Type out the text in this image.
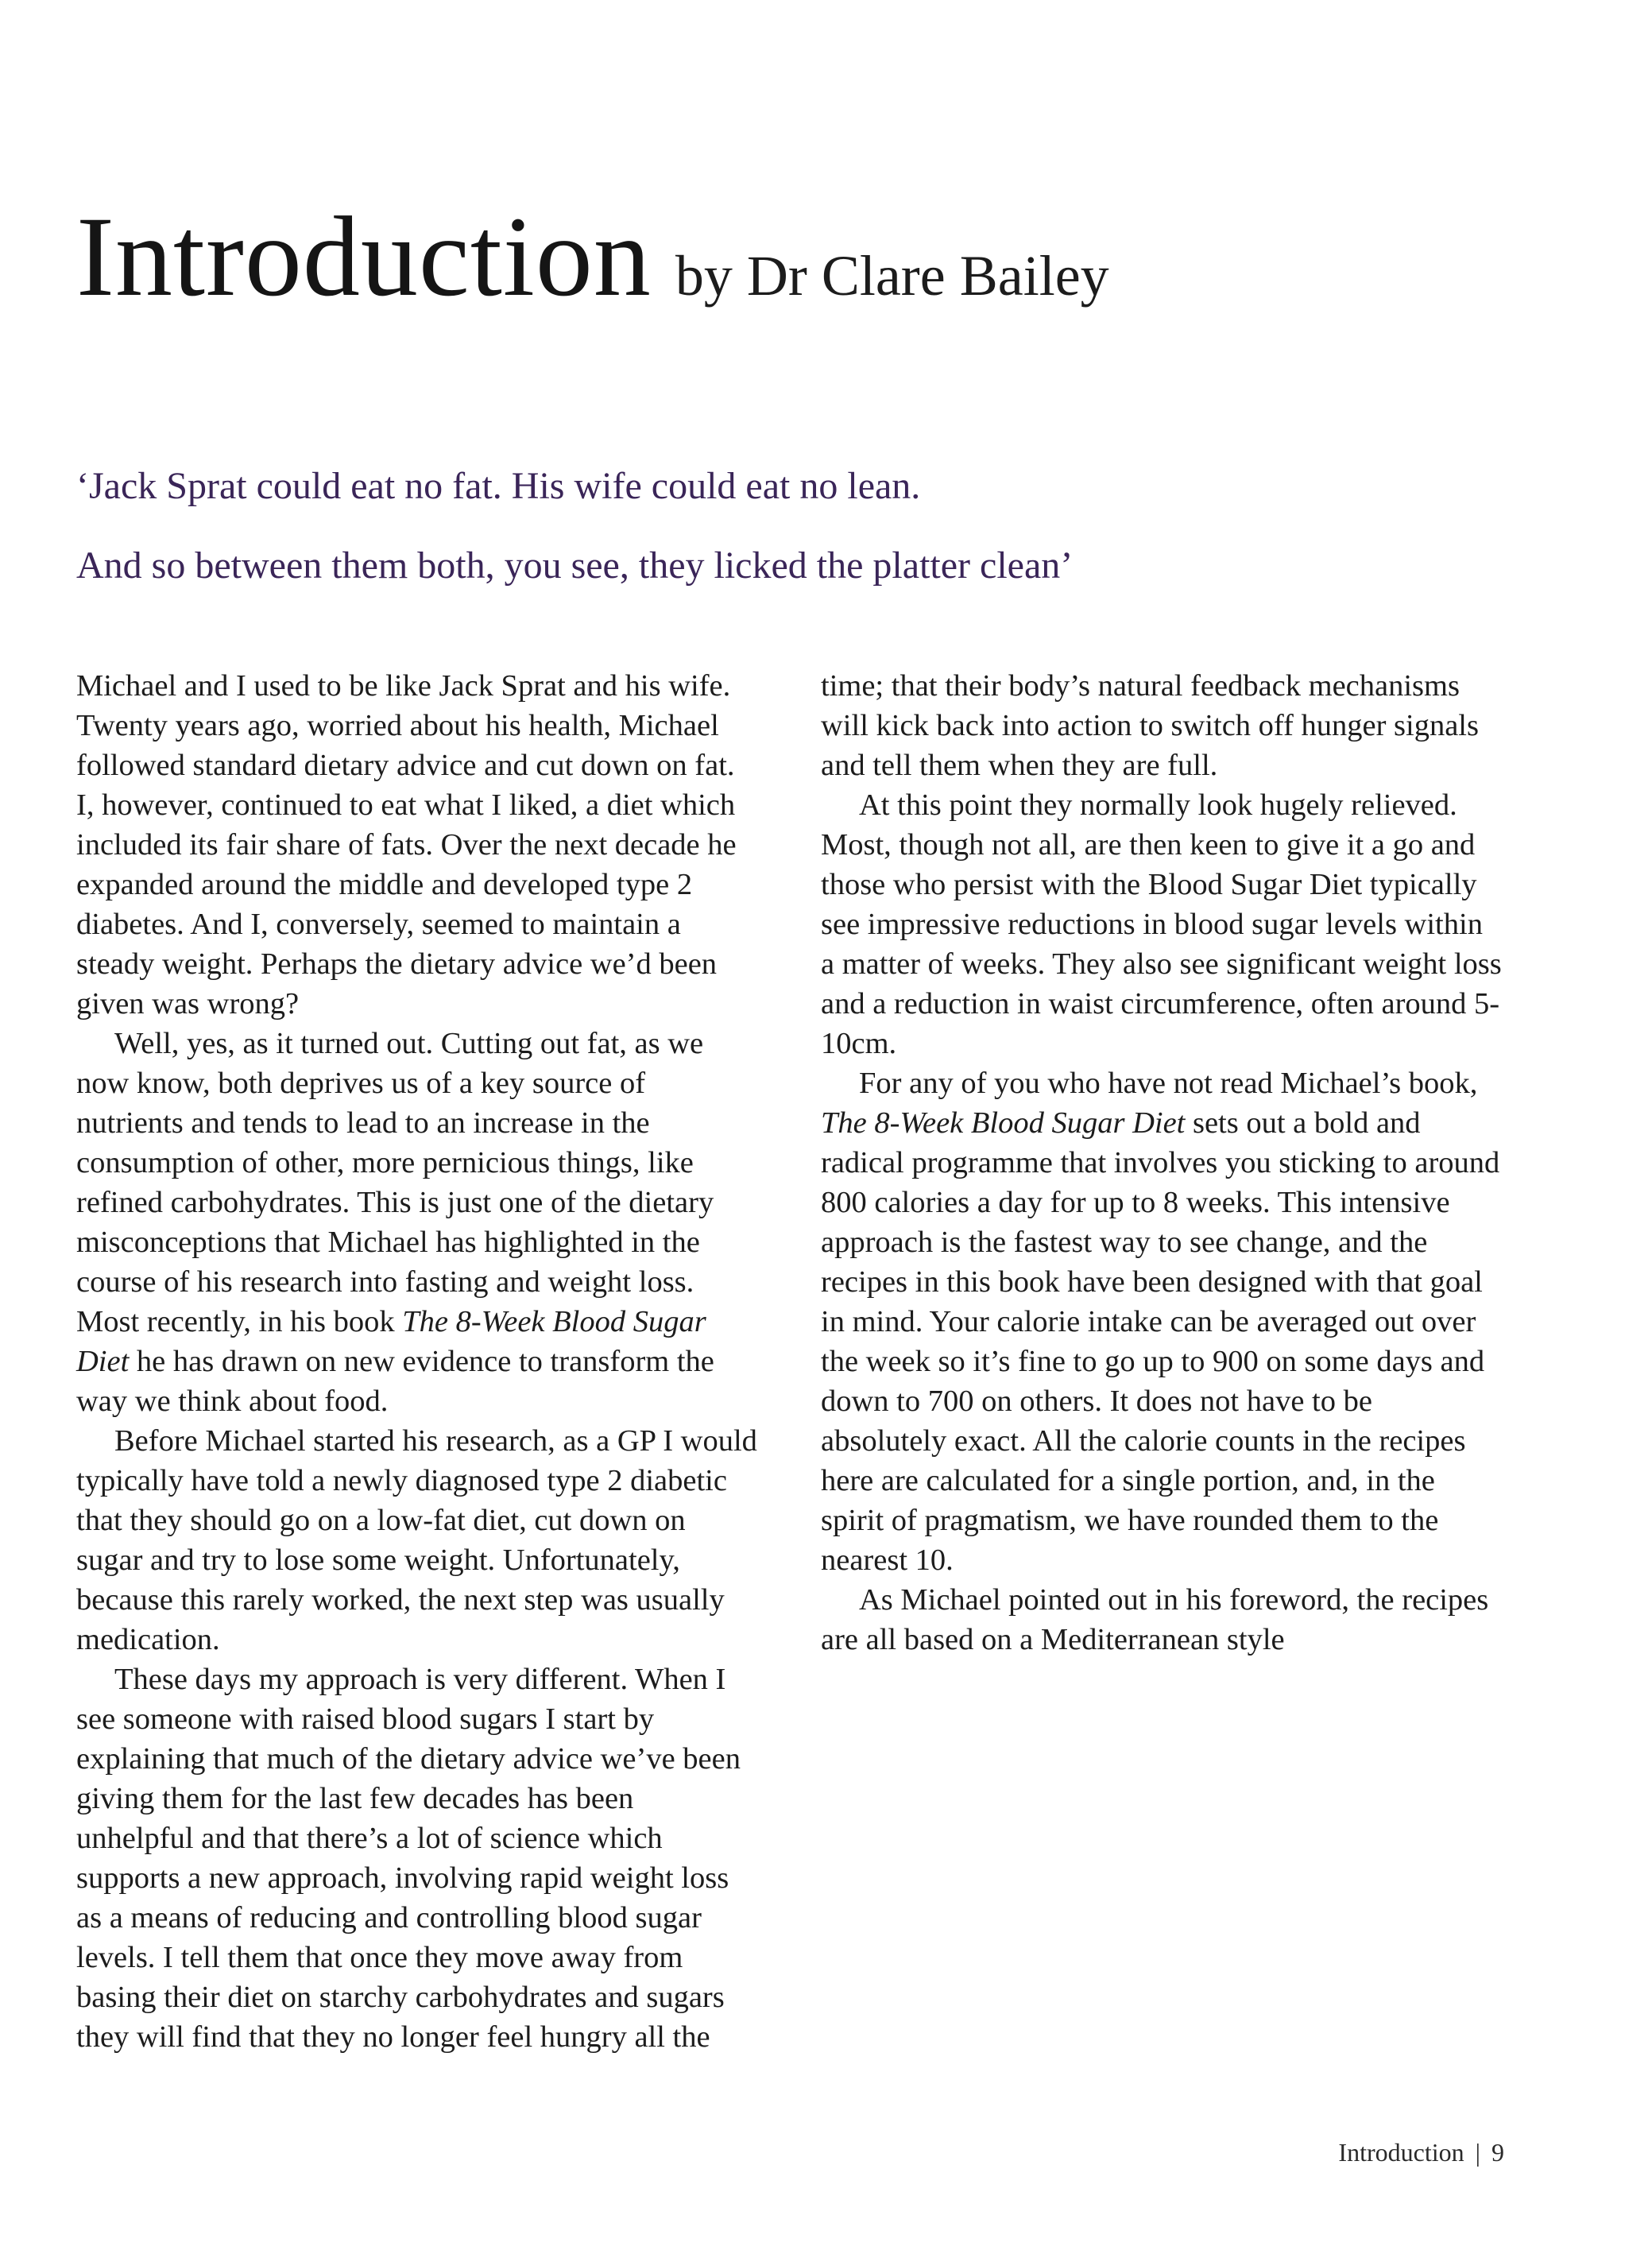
Introduction by Dr Clare Bailey
‘Jack Sprat could eat no fat. His wife could eat no lean.
And so between them both, you see, they licked the platter clean’

Michael and I used to be like Jack Sprat and his wife. Twenty years ago, worried about his health, Michael followed standard dietary advice and cut down on fat. I, however, continued to eat what I liked, a diet which included its fair share of fats. Over the next decade he expanded around the middle and developed type 2 diabetes. And I, conversely, seemed to maintain a steady weight. Perhaps the dietary advice we’d been given was wrong?

Well, yes, as it turned out. Cutting out fat, as we now know, both deprives us of a key source of nutrients and tends to lead to an increase in the consumption of other, more pernicious things, like refined carbohydrates. This is just one of the dietary misconceptions that Michael has highlighted in the course of his research into fasting and weight loss. Most recently, in his book The 8-Week Blood Sugar Diet he has drawn on new evidence to transform the way we think about food.

Before Michael started his research, as a GP I would typically have told a newly diagnosed type 2 diabetic that they should go on a low-fat diet, cut down on sugar and try to lose some weight. Unfortunately, because this rarely worked, the next step was usually medication.

These days my approach is very different. When I see someone with raised blood sugars I start by explaining that much of the dietary advice we’ve been giving them for the last few decades has been unhelpful and that there’s a lot of science which supports a new approach, involving rapid weight loss as a means of reducing and controlling blood sugar levels. I tell them that once they move away from basing their diet on starchy carbohydrates and sugars they will find that they no longer feel hungry all the

time; that their body’s natural feedback mechanisms will kick back into action to switch off hunger signals and tell them when they are full.

At this point they normally look hugely relieved. Most, though not all, are then keen to give it a go and those who persist with the Blood Sugar Diet typically see impressive reductions in blood sugar levels within a matter of weeks. They also see significant weight loss and a reduction in waist circumference, often around 5-10cm.

For any of you who have not read Michael’s book, The 8-Week Blood Sugar Diet sets out a bold and radical programme that involves you sticking to around 800 calories a day for up to 8 weeks. This intensive approach is the fastest way to see change, and the recipes in this book have been designed with that goal in mind. Your calorie intake can be averaged out over the week so it’s fine to go up to 900 on some days and down to 700 on others. It does not have to be absolutely exact. All the calorie counts in the recipes here are calculated for a single portion, and, in the spirit of pragmatism, we have rounded them to the nearest 10.

As Michael pointed out in his foreword, the recipes are all based on a Mediterranean style

Introduction | 9
